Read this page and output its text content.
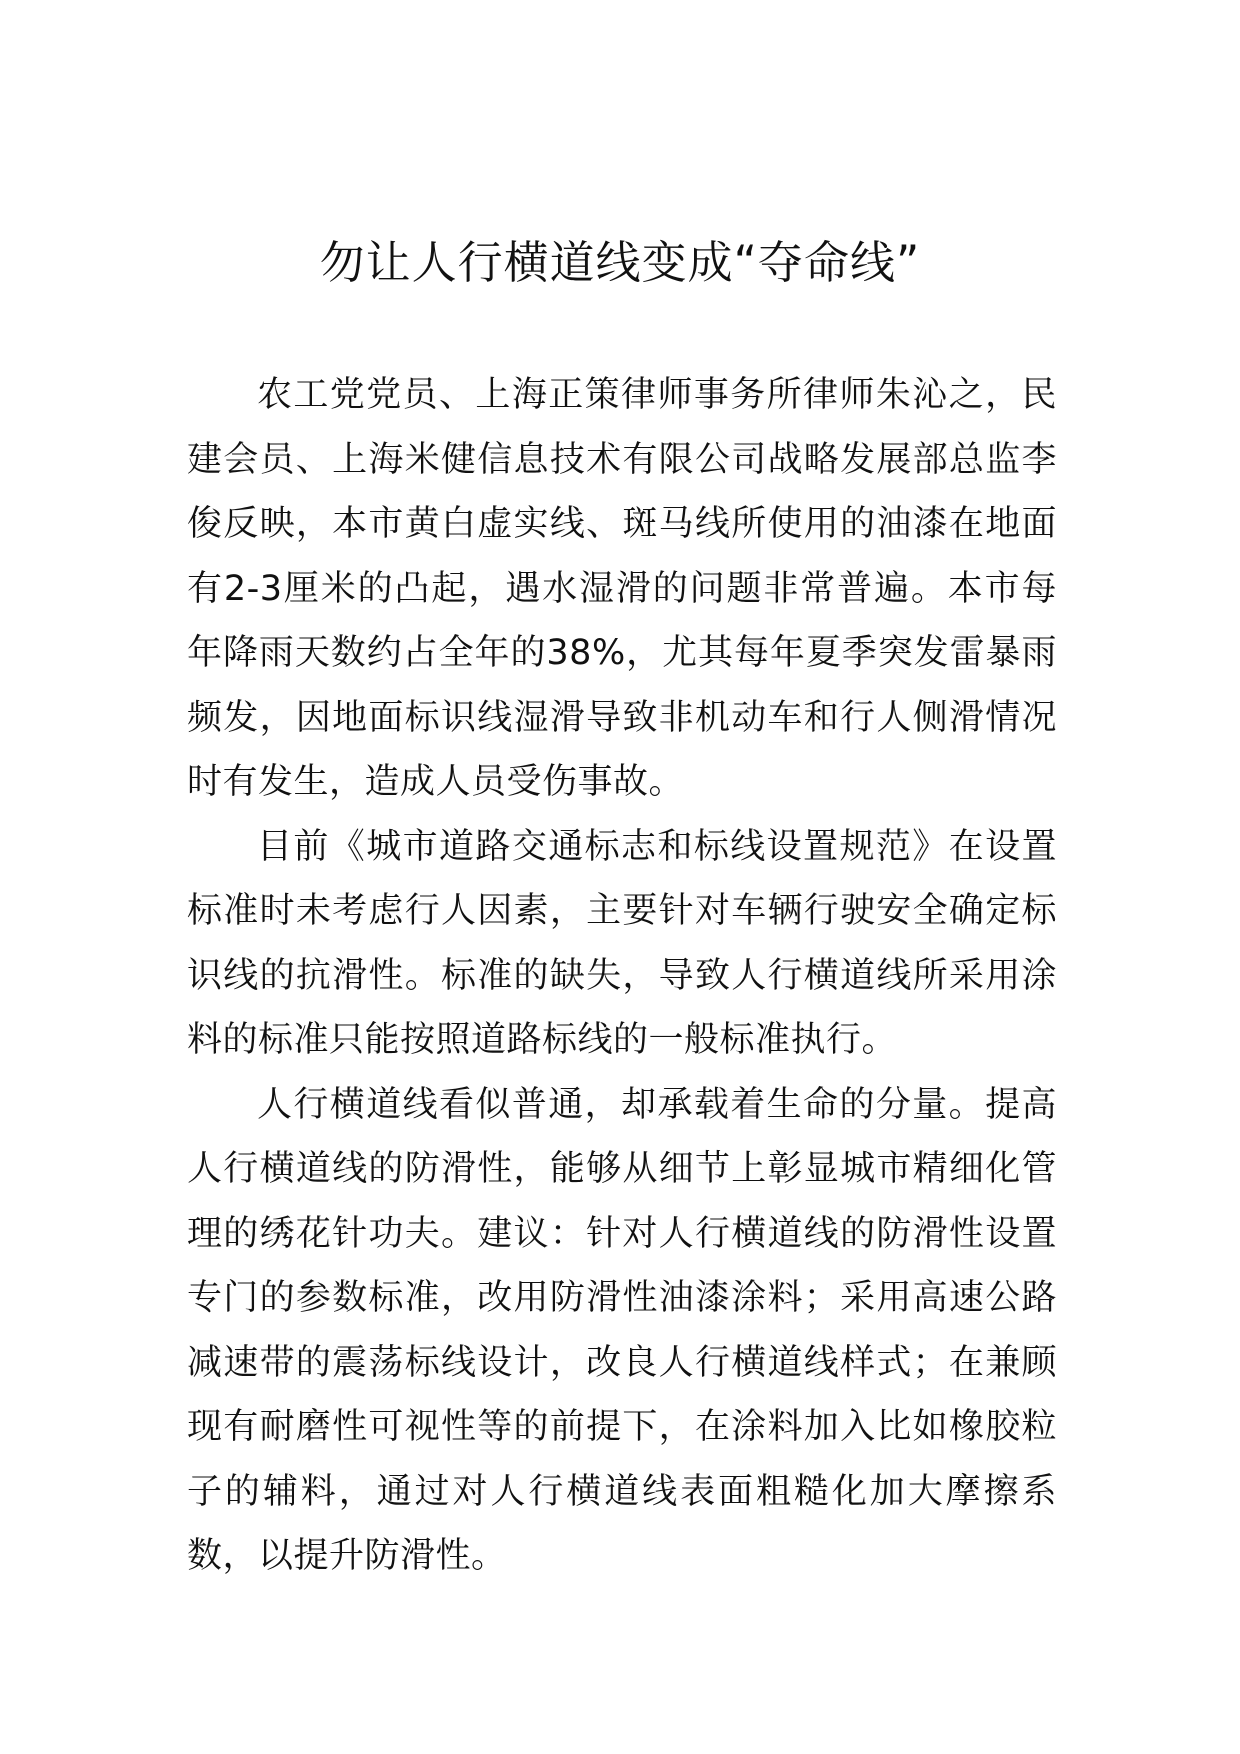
勿让人行横道线变成“夺命线”

农工党党员、上海正策律师事务所律师朱沁之，民建会员、上海米健信息技术有限公司战略发展部总监李俊反映，本市黄白虚实线、斑马线所使用的油漆在地面有2-3厘米的凸起，遇水湿滑的问题非常普遍。本市每年降雨天数约占全年的38%，尤其每年夏季突发雷暴雨频发，因地面标识线湿滑导致非机动车和行人侧滑情况时有发生，造成人员受伤事故。

目前《城市道路交通标志和标线设置规范》在设置标准时未考虑行人因素，主要针对车辆行驶安全确定标识线的抗滑性。标准的缺失，导致人行横道线所采用涂料的标准只能按照道路标线的一般标准执行。

人行横道线看似普通，却承载着生命的分量。提高人行横道线的防滑性，能够从细节上彰显城市精细化管理的绣花针功夫。建议：针对人行横道线的防滑性设置专门的参数标准，改用防滑性油漆涂料；采用高速公路减速带的震荡标线设计，改良人行横道线样式；在兼顾现有耐磨性可视性等的前提下，在涂料加入比如橡胶粒子的辅料，通过对人行横道线表面粗糙化加大摩擦系数，以提升防滑性。
